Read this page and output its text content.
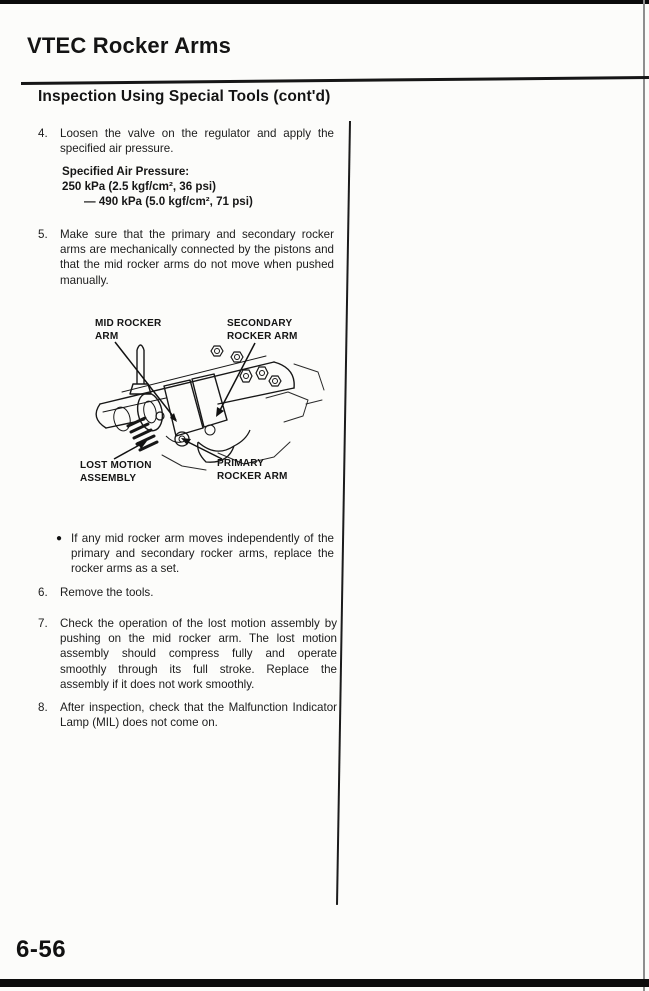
VTEC Rocker Arms
Inspection Using Special Tools (cont'd)
4.	Loosen the valve on the regulator and apply the specified air pressure.
Specified Air Pressure:
250 kPa (2.5 kgf/cm², 36 psi)
— 490 kPa (5.0 kgf/cm², 71 psi)
5.	Make sure that the primary and secondary rocker arms are mechanically connected by the pistons and that the mid rocker arms do not move when pushed manually.
MID ROCKER ARM
SECONDARY ROCKER ARM
LOST MOTION ASSEMBLY
PRIMARY ROCKER ARM
● If any mid rocker arm moves independently of the primary and secondary rocker arms, replace the rocker arms as a set.
6.	Remove the tools.
7.	Check the operation of the lost motion assembly by pushing on the mid rocker arm. The lost motion assembly should compress fully and operate smoothly through its full stroke. Replace the assembly if it does not work smoothly.
8.	After inspection, check that the Malfunction Indicator Lamp (MIL) does not come on.
6-56
